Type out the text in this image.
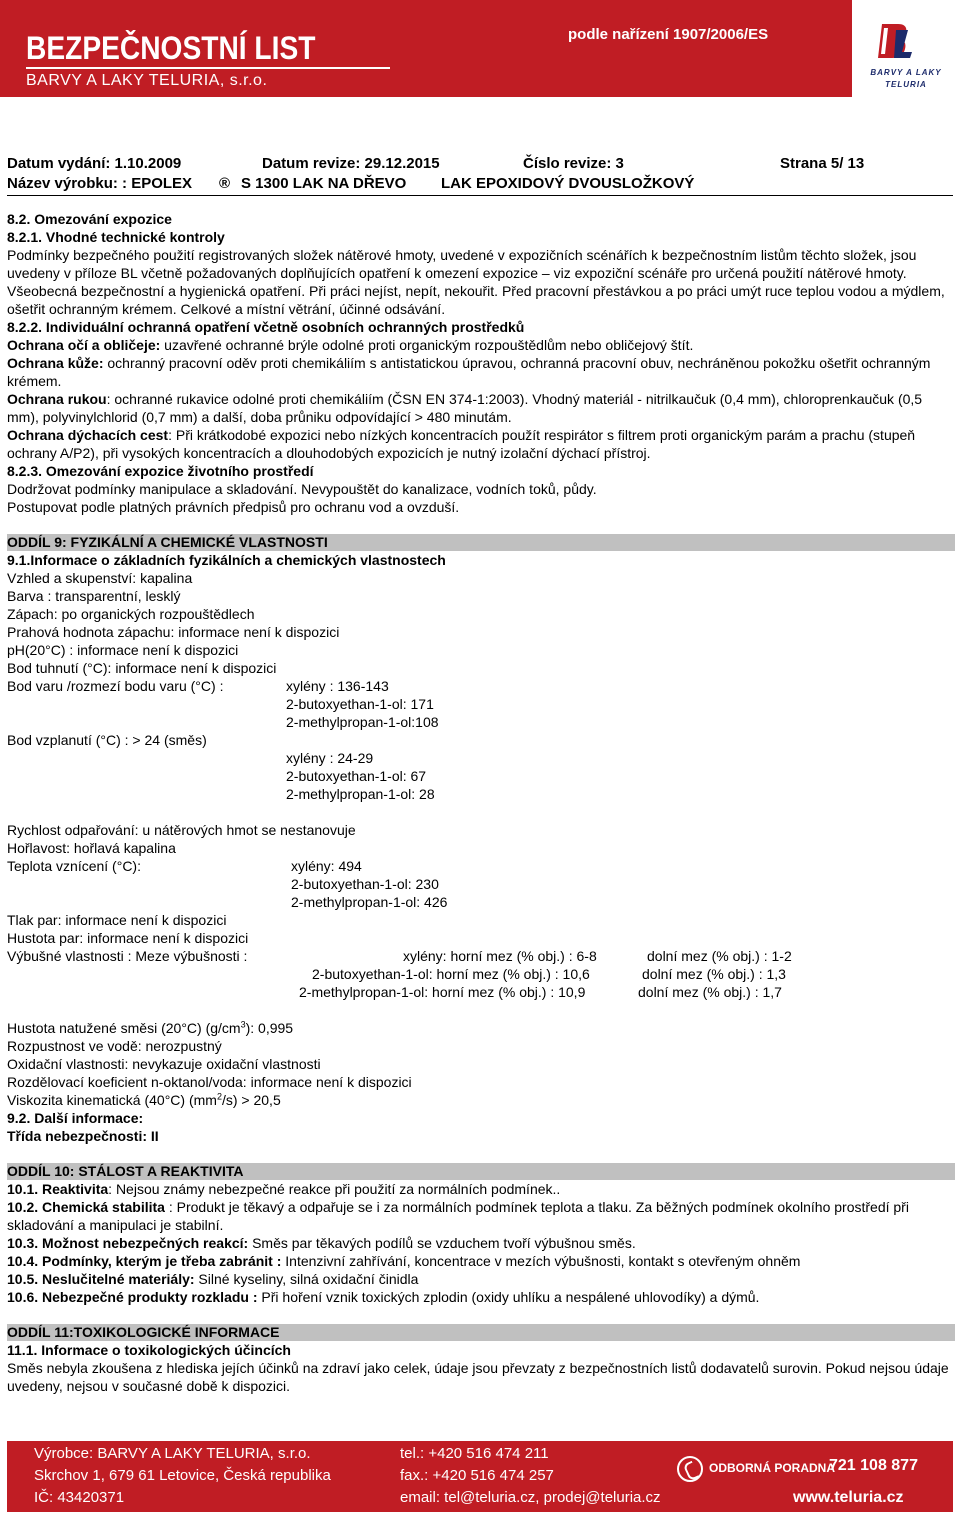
BEZPEČNOSTNÍ LIST
BARVY A LAKY TELURIA, s.r.o.
podle nařízení 1907/2006/ES
BARVY A LAKY
TELURIA
Datum vydání: 1.10.2009	Datum revize: 29.12.2015	Číslo revize: 3	Strana 5/ 13
Název výrobku: : EPOLEX ® S 1300 LAK NA DŘEVO LAK EPOXIDOVÝ DVOUSLOŽKOVÝ

8.2. Omezování expozice

8.2.1. Vhodné technické kontroly

Podmínky bezpečného použití registrovaných složek nátěrové hmoty, uvedené v expozičních scénářích k bezpečnostním listům těchto složek, jsou uvedeny v příloze BL včetně požadovaných doplňujících opatření k omezení expozice – viz expoziční scénáře pro určená použití nátěrové hmoty.

Všeobecná bezpečnostní a hygienická opatření. Při práci nejíst, nepít, nekouřit. Před pracovní přestávkou a po práci umýt ruce teplou vodou a mýdlem, ošetřit ochranným krémem. Celkové a místní větrání, účinné odsávání.

8.2.2. Individuální ochranná opatření včetně osobních ochranných prostředků

Ochrana očí a obličeje: uzavřené ochranné brýle odolné proti organickým rozpouštědlům nebo obličejový štít.

Ochrana kůže: ochranný pracovní oděv proti chemikáliím s antistatickou úpravou, ochranná pracovní obuv, nechráněnou pokožku ošetřit ochranným krémem.

Ochrana rukou: ochranné rukavice odolné proti chemikáliím (ČSN EN 374-1:2003). Vhodný materiál - nitrilkaučuk (0,4 mm), chloroprenkaučuk (0,5 mm), polyvinylchlorid (0,7 mm) a další, doba průniku odpovídající > 480 minutám.

Ochrana dýchacích cest: Při krátkodobé expozici nebo nízkých koncentracích použít respirátor s filtrem proti organickým parám a prachu (stupeň ochrany A/P2), při vysokých koncentracích a dlouhodobých expozicích je nutný izolační dýchací přístroj.

8.2.3. Omezování expozice životního prostředí

Dodržovat podmínky manipulace a skladování. Nevypouštět do kanalizace, vodních toků, půdy.

Postupovat podle platných právních předpisů pro ochranu vod a ovzduší.

ODDÍL 9: FYZIKÁLNÍ A CHEMICKÉ VLASTNOSTI

9.1.Informace o základních fyzikálních a chemických vlastnostech

Vzhled a skupenství: kapalina

Barva : transparentní, lesklý

Zápach: po organických rozpouštědlech

Prahová hodnota zápachu: informace není k dispozici

pH(20°C) : informace není k dispozici

Bod tuhnutí (°C): informace není k dispozici

Bod varu /rozmezí bodu varu (°C) :	xylény : 136-143

2-butoxyethan-1-ol: 171

2-methylpropan-1-ol:108

Bod vzplanutí (°C) : > 24 (směs)

xylény : 24-29

2-butoxyethan-1-ol: 67

2-methylpropan-1-ol: 28

Rychlost odpařování: u nátěrových hmot se nestanovuje

Hořlavost: hořlavá kapalina

Teplota vznícení (°C):	xylény: 494

2-butoxyethan-1-ol: 230

2-methylpropan-1-ol: 426

Tlak par: informace není k dispozici

Hustota par: informace není k dispozici

Výbušné vlastnosti : Meze výbušnosti :	xylény: horní mez (% obj.) : 6-8	dolní mez (% obj.) : 1-2
2-butoxyethan-1-ol: horní mez (% obj.) : 10,6	dolní mez (% obj.) : 1,3
2-methylpropan-1-ol: horní mez (% obj.) : 10,9	dolní mez (% obj.) : 1,7

Hustota natužené směsi (20°C) $(g/cm^3)$: 0,995

Rozpustnost ve vodě: nerozpustný

Oxidační vlastnosti: nevykazuje oxidační vlastnosti

Rozdělovací koeficient n-oktanol/voda: informace není k dispozici

Viskozita kinematická (40°C) $(mm^2/s) > 20,5$

9.2. Další informace:

Třída nebezpečnosti: II

ODDÍL 10: STÁLOST A REAKTIVITA

10.1. Reaktivita: Nejsou známy nebezpečné reakce při použití za normálních podmínek..

10.2. Chemická stabilita : Produkt je těkavý a odpařuje se i za normálních podmínek teplota a tlaku. Za běžných podmínek okolního prostředí při skladování a manipulaci je stabilní.

10.3. Možnost nebezpečných reakcí: Směs par těkavých podílů se vzduchem tvoří výbušnou směs.

10.4. Podmínky, kterým je třeba zabránit : Intenzivní zahřívání, koncentrace v mezích výbušnosti, kontakt s otevřeným ohněm

10.5. Neslučitelné materiály: Silné kyseliny, silná oxidační činidla

10.6. Nebezpečné produkty rozkladu : Při hoření vznik toxických zplodin (oxidy uhlíku a nespálené uhlovodíky) a dýmů.

ODDÍL 11:TOXIKOLOGICKÉ INFORMACE

11.1. Informace o toxikologických účincích

Směs nebyla zkoušena z hlediska jejích účinků na zdraví jako celek, údaje jsou převzaty z bezpečnostních listů dodavatelů surovin. Pokud nejsou údaje uvedeny, nejsou v současné době k dispozici.

Výrobce: BARVY A LAKY TELURIA, s.r.o.
Skrchov 1, 679 61 Letovice, Česká republika
IČ: 43420371
tel.: +420 516 474 211
fax.: +420 516 474 257
email: tel@teluria.cz, prodej@teluria.cz
ODBORNÁ PORADNA
721 108 877
www.teluria.cz
